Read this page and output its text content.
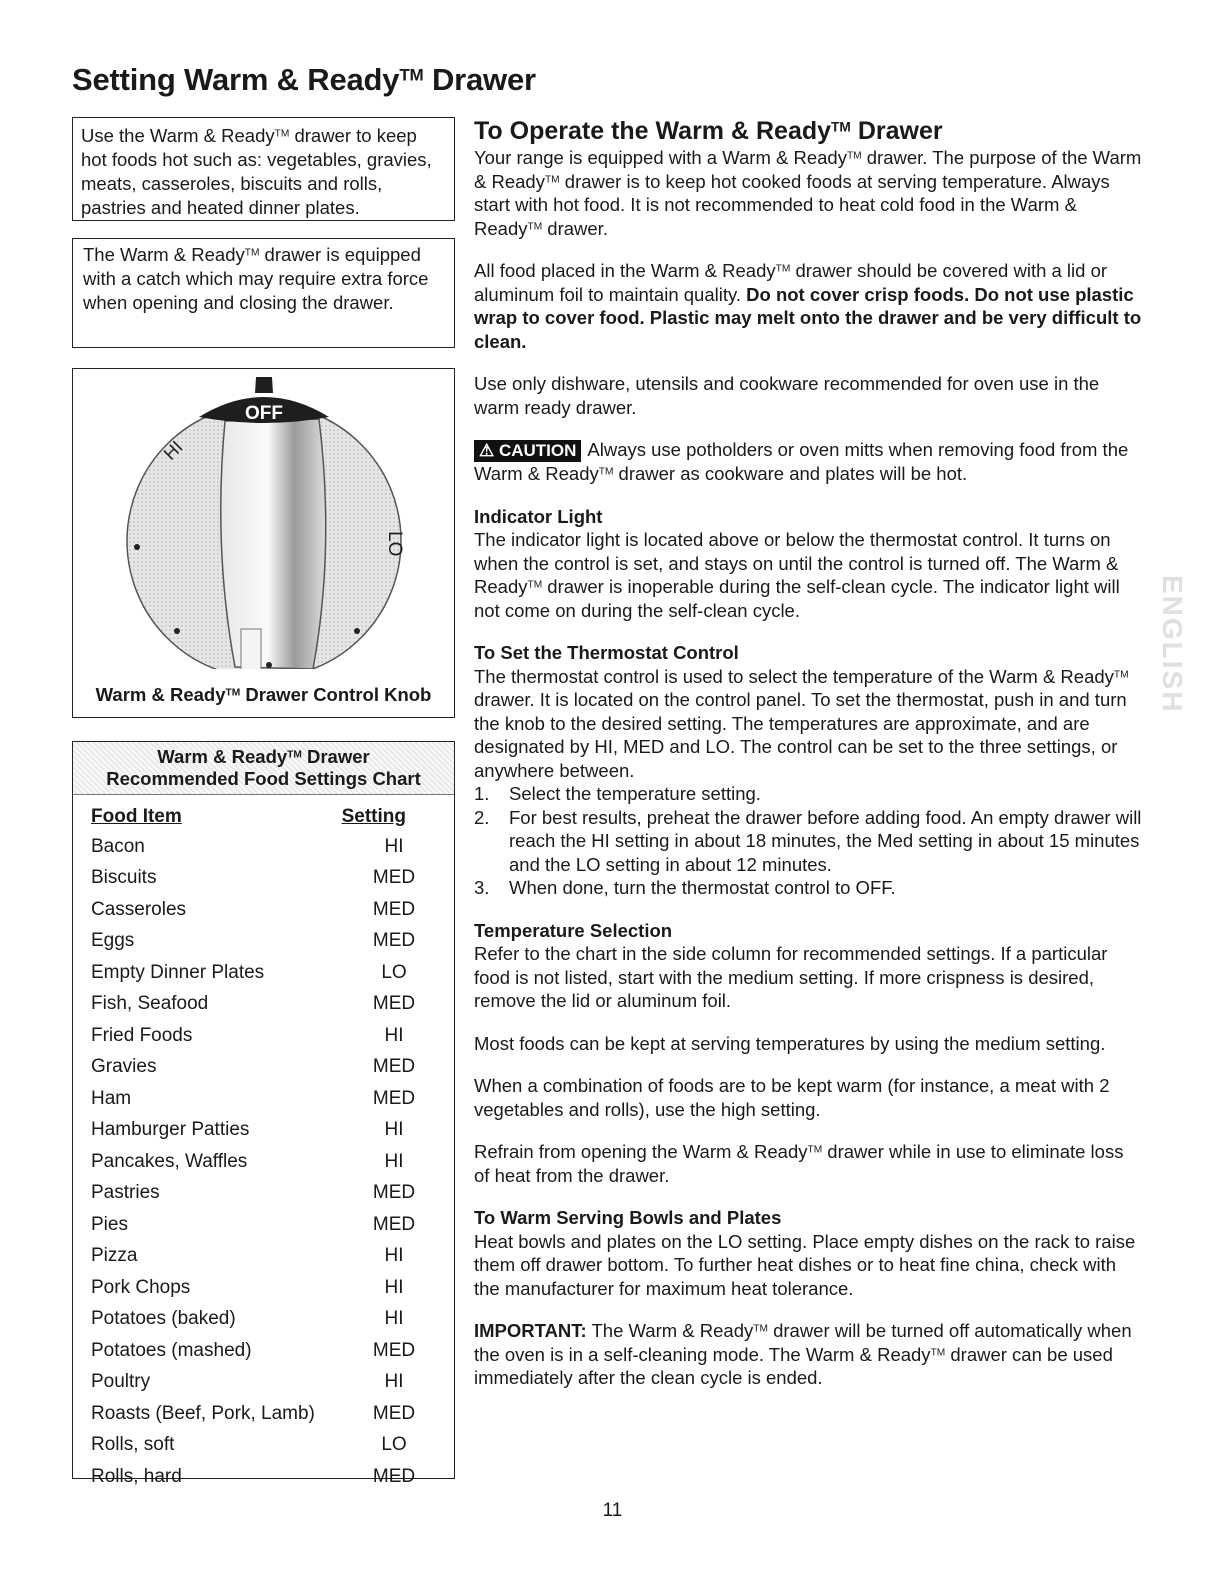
Setting Warm & Ready™ Drawer
Use the Warm & Ready™ drawer to keep hot foods hot such as: vegetables, gravies, meats, casseroles, biscuits and rolls, pastries and heated dinner plates.
The Warm & Ready™ drawer is equipped with a catch which may require extra force when opening and closing the drawer.
OFF
HI
LO
Warm & Ready™ Drawer Control Knob
Warm & Ready™ Drawer
Recommended Food Settings Chart
Food Item	Setting
Bacon	HI
Biscuits	MED
Casseroles	MED
Eggs	MED
Empty Dinner Plates	LO
Fish, Seafood	MED
Fried Foods	HI
Gravies	MED
Ham	MED
Hamburger Patties	HI
Pancakes, Waffles	HI
Pastries	MED
Pies	MED
Pizza	HI
Pork Chops	HI
Potatoes (baked)	HI
Potatoes (mashed)	MED
Poultry	HI
Roasts (Beef, Pork, Lamb)	MED
Rolls, soft	LO
Rolls, hard	MED
To Operate the Warm & Ready™ Drawer

Your range is equipped with a Warm & Ready™ drawer. The purpose of the Warm & Ready™ drawer is to keep hot cooked foods at serving temperature. Always start with hot food. It is not recommended to heat cold food in the Warm & Ready™ drawer.

All food placed in the Warm & Ready™ drawer should be covered with a lid or aluminum foil to maintain quality. Do not cover crisp foods. Do not use plastic wrap to cover food. Plastic may melt onto the drawer and be very difficult to clean.

Use only dishware, utensils and cookware recommended for oven use in the warm ready drawer.

⚠ CAUTION Always use potholders or oven mitts when removing food from the Warm & Ready™ drawer as cookware and plates will be hot.

Indicator Light

The indicator light is located above or below the thermostat control. It turns on when the control is set, and stays on until the control is turned off. The Warm & Ready™ drawer is inoperable during the self-clean cycle. The indicator light will not come on during the self-clean cycle.

To Set the Thermostat Control

The thermostat control is used to select the temperature of the Warm & Ready™ drawer. It is located on the control panel. To set the thermostat, push in and turn the knob to the desired setting. The temperatures are approximate, and are designated by HI, MED and LO. The control can be set to the three settings, or anywhere between.

1.	Select the temperature setting.
2.	For best results, preheat the drawer before adding food. An empty drawer will reach the HI setting in about 18 minutes, the Med setting in about 15 minutes and the LO setting in about 12 minutes.
3.	When done, turn the thermostat control to OFF.
Temperature Selection

Refer to the chart in the side column for recommended settings. If a particular food is not listed, start with the medium setting. If more crispness is desired, remove the lid or aluminum foil.

Most foods can be kept at serving temperatures by using the medium setting.

When a combination of foods are to be kept warm (for instance, a meat with 2 vegetables and rolls), use the high setting.

Refrain from opening the Warm & Ready™ drawer while in use to eliminate loss of heat from the drawer.

To Warm Serving Bowls and Plates

Heat bowls and plates on the LO setting. Place empty dishes on the rack to raise them off drawer bottom. To further heat dishes or to heat fine china, check with the manufacturer for maximum heat tolerance.

IMPORTANT: The Warm & Ready™ drawer will be turned off automatically when the oven is in a self-cleaning mode. The Warm & Ready™ drawer can be used immediately after the clean cycle is ended.

ENGLISH
11
